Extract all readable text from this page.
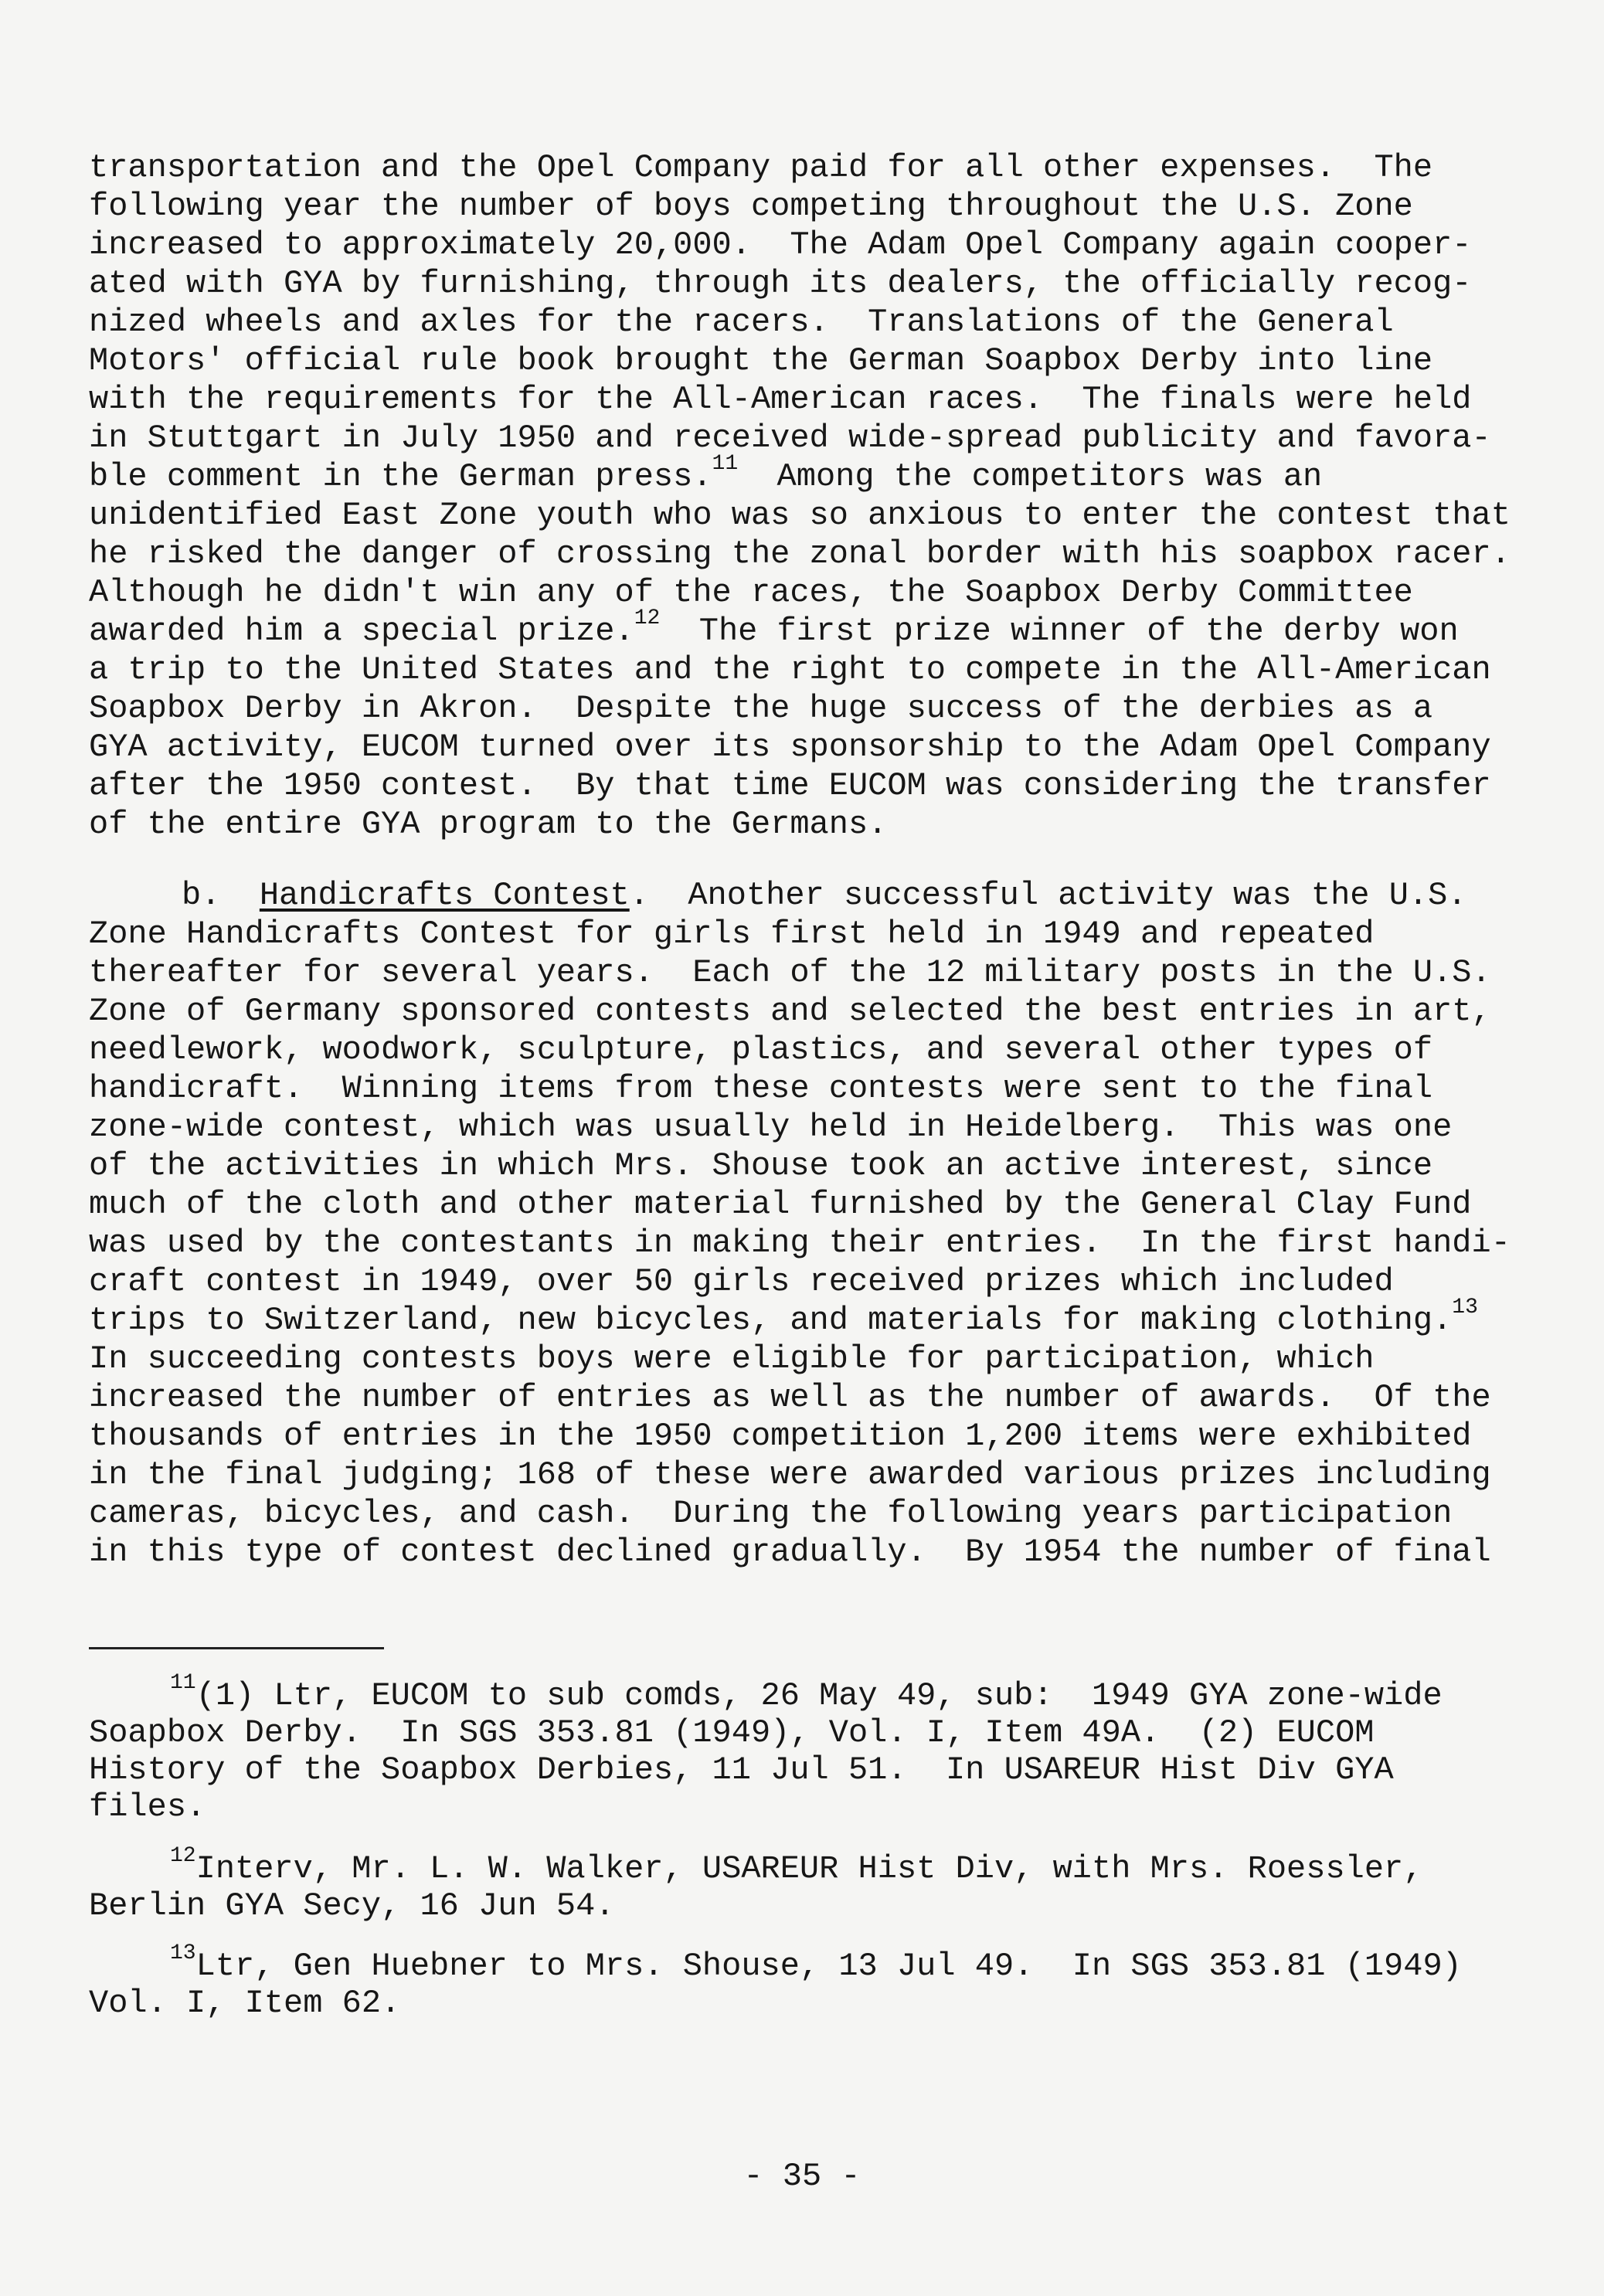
transportation and the Opel Company paid for all other expenses.  The
following year the number of boys competing throughout the U.S. Zone
increased to approximately 20,000.  The Adam Opel Company again cooper-
ated with GYA by furnishing, through its dealers, the officially recog-
nized wheels and axles for the racers.  Translations of the General
Motors' official rule book brought the German Soapbox Derby into line
with the requirements for the All-American races.  The finals were held
in Stuttgart in July 1950 and received wide-spread publicity and favora-
ble comment in the German press.$^{11}$  Among the competitors was an
unidentified East Zone youth who was so anxious to enter the contest that
he risked the danger of crossing the zonal border with his soapbox racer.
Although he didn't win any of the races, the Soapbox Derby Committee
awarded him a special prize.$^{12}$  The first prize winner of the derby won
a trip to the United States and the right to compete in the All-American
Soapbox Derby in Akron.  Despite the huge success of the derbies as a
GYA activity, EUCOM turned over its sponsorship to the Adam Opel Company
after the 1950 contest.  By that time EUCOM was considering the transfer
of the entire GYA program to the Germans.
b. Handicrafts Contest.  Another successful activity was the U.S.
Zone Handicrafts Contest for girls first held in 1949 and repeated
thereafter for several years.  Each of the 12 military posts in the U.S.
Zone of Germany sponsored contests and selected the best entries in art,
needlework, woodwork, sculpture, plastics, and several other types of
handicraft.  Winning items from these contests were sent to the final
zone-wide contest, which was usually held in Heidelberg.  This was one
of the activities in which Mrs. Shouse took an active interest, since
much of the cloth and other material furnished by the General Clay Fund
was used by the contestants in making their entries.  In the first handi-
craft contest in 1949, over 50 girls received prizes which included
trips to Switzerland, new bicycles, and materials for making clothing.$^{13}$
In succeeding contests boys were eligible for participation, which
increased the number of entries as well as the number of awards.  Of the
thousands of entries in the 1950 competition 1,200 items were exhibited
in the final judging; 168 of these were awarded various prizes including
cameras, bicycles, and cash.  During the following years participation
in this type of contest declined gradually.  By 1954 the number of final
$^{11}$(1) Ltr, EUCOM to sub comds, 26 May 49, sub:  1949 GYA zone-wide
Soapbox Derby.  In SGS 353.81 (1949), Vol. I, Item 49A.  (2) EUCOM
History of the Soapbox Derbies, 11 Jul 51.  In USAREUR Hist Div GYA
files.
$^{12}$Interv, Mr. L. W. Walker, USAREUR Hist Div, with Mrs. Roessler,
Berlin GYA Secy, 16 Jun 54.
$^{13}$Ltr, Gen Huebner to Mrs. Shouse, 13 Jul 49.  In SGS 353.81 (1949)
Vol. I, Item 62.
- 35 -
